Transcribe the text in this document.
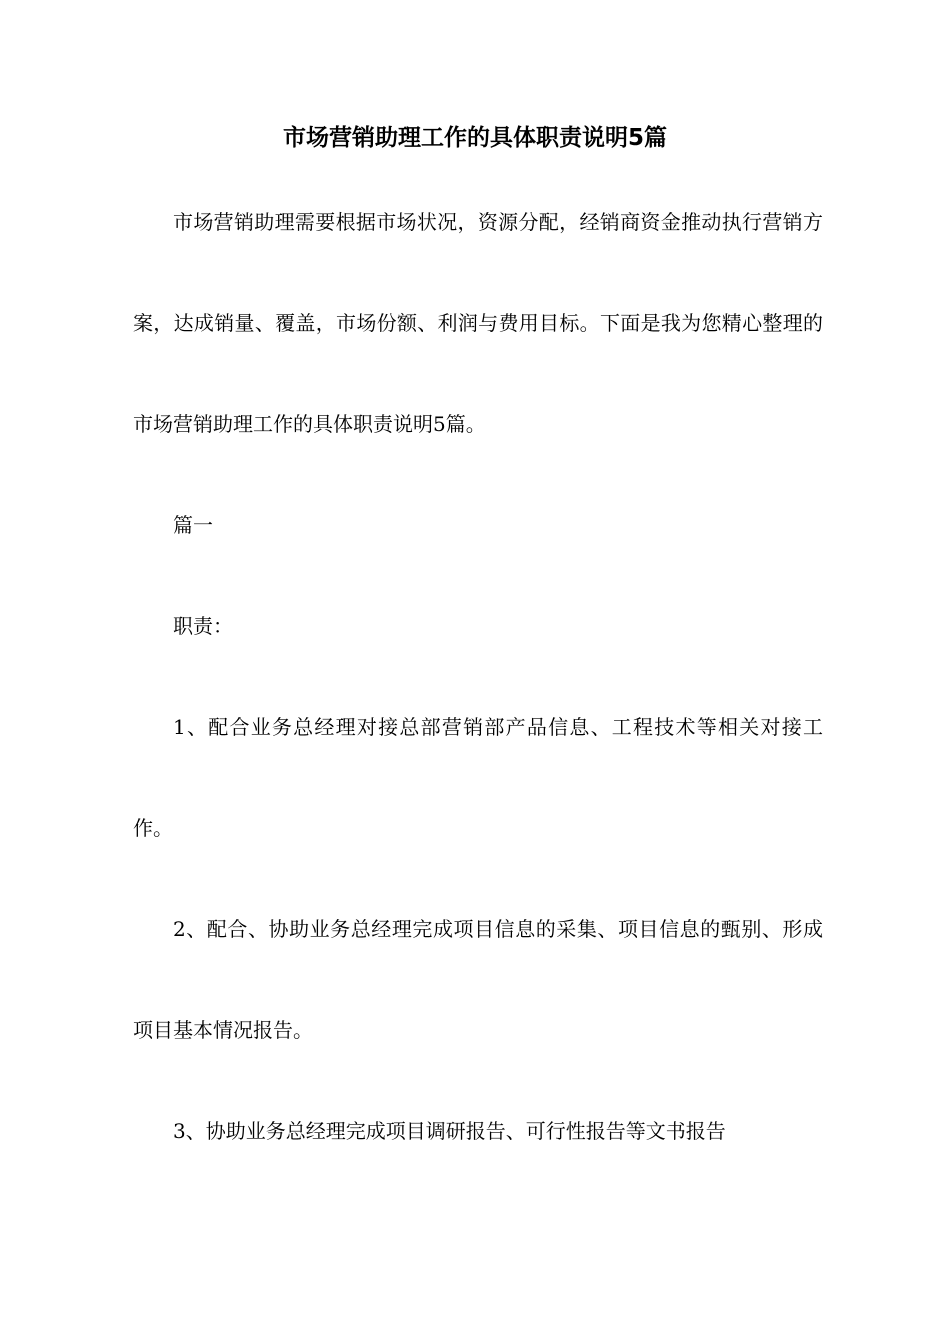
市场营销助理工作的具体职责说明5篇

市场营销助理需要根据市场状况，资源分配，经销商资金推动执行营销方案，达成销量、覆盖，市场份额、利润与费用目标。下面是我为您精心整理的市场营销助理工作的具体职责说明5篇。

篇一

职责：

1、配合业务总经理对接总部营销部产品信息、工程技术等相关对接工作。

2、配合、协助业务总经理完成项目信息的采集、项目信息的甄别、形成项目基本情况报告。

3、协助业务总经理完成项目调研报告、可行性报告等文书报告
